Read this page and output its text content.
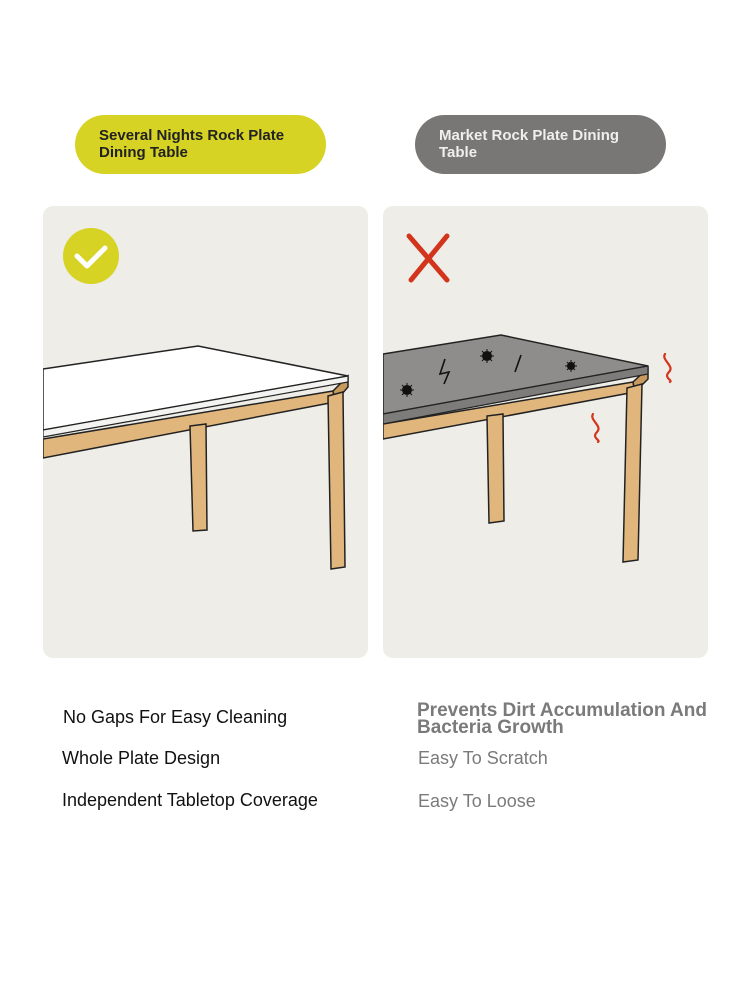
Several Nights Rock Plate Dining Table
Market Rock Plate Dining Table
No Gaps For Easy Cleaning
Whole Plate Design
Independent Tabletop Coverage
Prevents Dirt Accumulation And Bacteria Growth
Easy To Scratch
Easy To Loose
